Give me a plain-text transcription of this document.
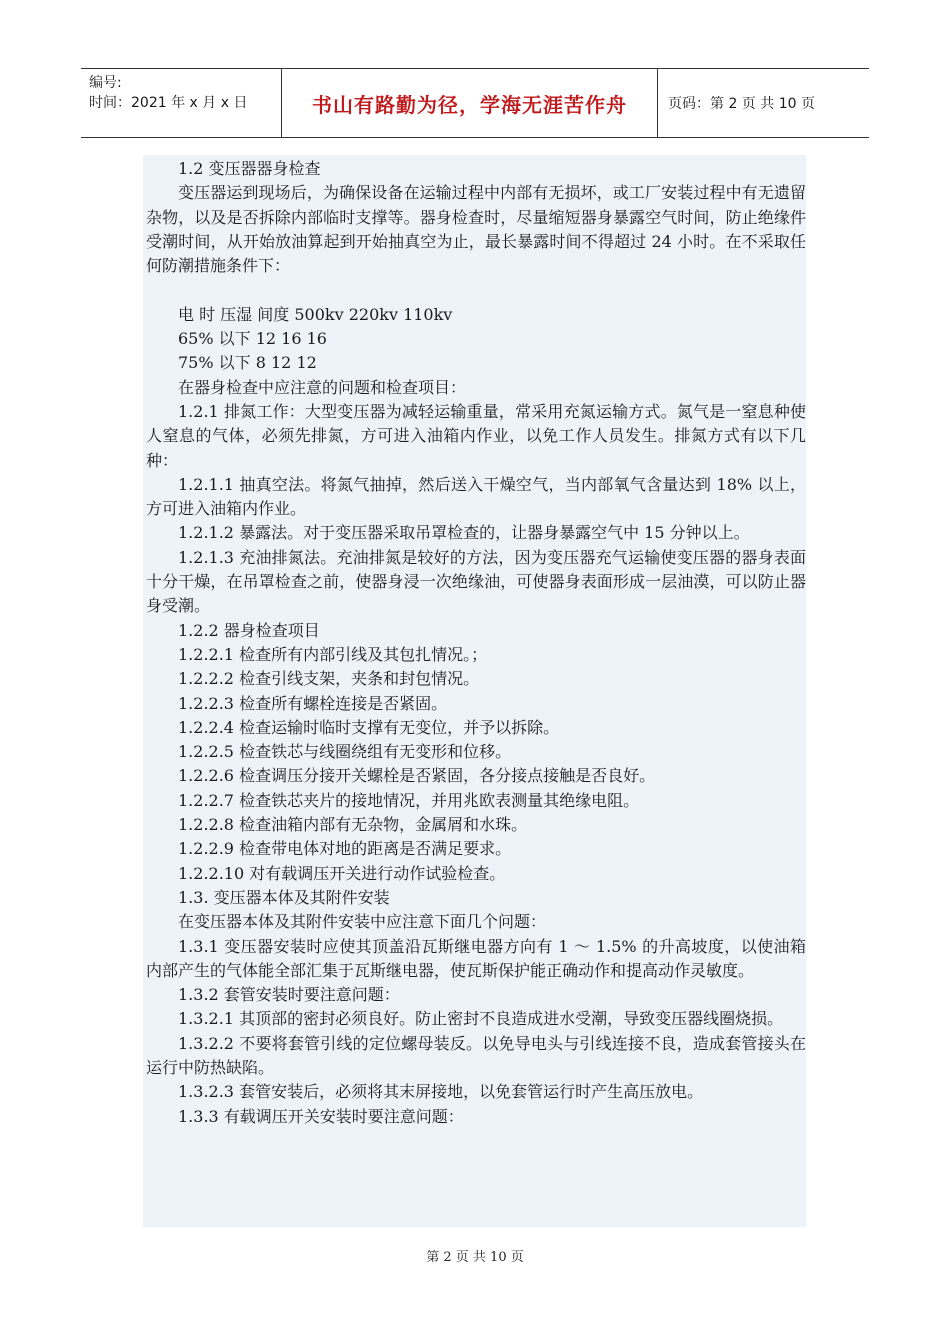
编号:
时间：2021 年 x 月 x 日	书山有路勤为径，学海无涯苦作舟	页码：第 2 页 共 10 页

1.2 变压器器身检查

变压器运到现场后，为确保设备在运输过程中内部有无损坏，或工厂安装过程中有无遗留杂物，以及是否拆除内部临时支撑等。器身检查时，尽量缩短器身暴露空气时间，防止绝缘件受潮时间，从开始放油算起到开始抽真空为止，最长暴露时间不得超过 24 小时。在不采取任何防潮措施条件下：

电 时 压湿 间度 500kv 220kv 110kv

65% 以下 12 16 16

75% 以下 8 12 12

在器身检查中应注意的问题和检查项目：

1.2.1 排氮工作：大型变压器为减轻运输重量，常采用充氮运输方式。氮气是一窒息种使人窒息的气体，必须先排氮，方可进入油箱内作业，以免工作人员发生。排氮方式有以下几种：

1.2.1.1 抽真空法。将氮气抽掉，然后送入干燥空气，当内部氧气含量达到 18% 以上，方可进入油箱内作业。

1.2.1.2 暴露法。对于变压器采取吊罩检查的，让器身暴露空气中 15 分钟以上。

1.2.1.3 充油排氮法。充油排氮是较好的方法，因为变压器充气运输使变压器的器身表面十分干燥，在吊罩检查之前，使器身浸一次绝缘油，可使器身表面形成一层油漠，可以防止器身受潮。

1.2.2 器身检查项目

1.2.2.1 检查所有内部引线及其包扎情况。；

1.2.2.2 检查引线支架，夹条和封包情况。

1.2.2.3 检查所有螺栓连接是否紧固。

1.2.2.4 检查运输时临时支撑有无变位，并予以拆除。

1.2.2.5 检查铁芯与线圈绕组有无变形和位移。

1.2.2.6 检查调压分接开关螺栓是否紧固，各分接点接触是否良好。

1.2.2.7 检查铁芯夹片的接地情况，并用兆欧表测量其绝缘电阻。

1.2.2.8 检查油箱内部有无杂物，金属屑和水珠。

1.2.2.9 检查带电体对地的距离是否满足要求。

1.2.2.10 对有载调压开关进行动作试验检查。

1.3. 变压器本体及其附件安装

在变压器本体及其附件安装中应注意下面几个问题：

1.3.1 变压器安装时应使其顶盖沿瓦斯继电器方向有 1 ～ 1.5% 的升高坡度，以使油箱内部产生的气体能全部汇集于瓦斯继电器，使瓦斯保护能正确动作和提高动作灵敏度。

1.3.2 套管安装时要注意问题：

1.3.2.1 其顶部的密封必须良好。防止密封不良造成进水受潮，导致变压器线圈烧损。

1.3.2.2 不要将套管引线的定位螺母装反。以免导电头与引线连接不良，造成套管接头在运行中防热缺陷。

1.3.2.3 套管安装后，必须将其末屏接地，以免套管运行时产生高压放电。

1.3.3 有载调压开关安装时要注意问题：

第 2 页 共 10 页
